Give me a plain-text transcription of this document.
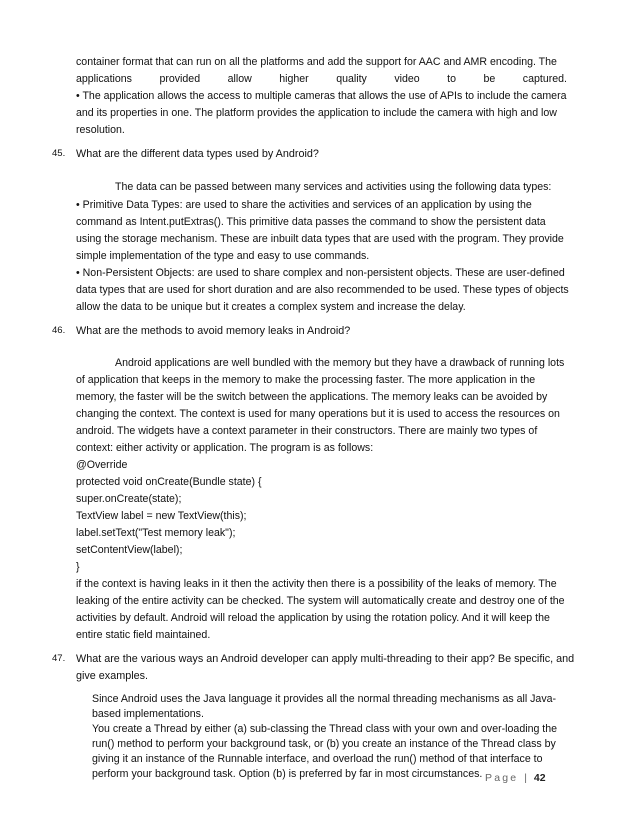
container format that can run on all the platforms and add the support for AAC and AMR encoding. The
applications	provided	allow	higher	quality	video	to	be	captured.
• The application allows the access to multiple cameras that allows the use of APIs to include the camera
and its properties in one. The platform provides the application to include the camera with high and low
resolution.
45. What are the different data types used by Android?
The data can be passed between many services and activities using the following data types:
• Primitive Data Types: are used to share the activities and services of an application by using the
command as Intent.putExtras(). This primitive data passes the command to show the persistent data
using the storage mechanism. These are inbuilt data types that are used with the program. They provide
simple implementation of the type and easy to use commands.
• Non-Persistent Objects: are used to share complex and non-persistent objects. These are user-defined
data types that are used for short duration and are also recommended to be used. These types of objects
allow the data to be unique but it creates a complex system and increase the delay.
46. What are the methods to avoid memory leaks in Android?
Android applications are well bundled with the memory but they have a drawback of running lots
of application that keeps in the memory to make the processing faster. The more application in the
memory, the faster will be the switch between the applications. The memory leaks can be avoided by
changing the context. The context is used for many operations but it is used to access the resources on
android. The widgets have a context parameter in their constructors. There are mainly two types of
context: either activity or application. The program is as follows:
@Override
protected void onCreate(Bundle state) {
super.onCreate(state);
TextView label = new TextView(this);
label.setText("Test memory leak");
setContentView(label);
}
if the context is having leaks in it then the activity then there is a possibility of the leaks of memory. The
leaking of the entire activity can be checked. The system will automatically create and destroy one of the
activities by default. Android will reload the application by using the rotation policy. And it will keep the
entire static field maintained.
47. What are the various ways an Android developer can apply multi-threading to their app? Be specific, and
give examples.
Since Android uses the Java language it provides all the normal threading mechanisms as all Java-
based implementations.
You create a Thread by either (a) sub-classing the Thread class with your own and over-loading the
run() method to perform your background task, or (b) you create an instance of the Thread class by
giving it an instance of the Runnable interface, and overload the run() method of that interface to
perform your background task. Option (b) is preferred by far in most circumstances. Page | 42
